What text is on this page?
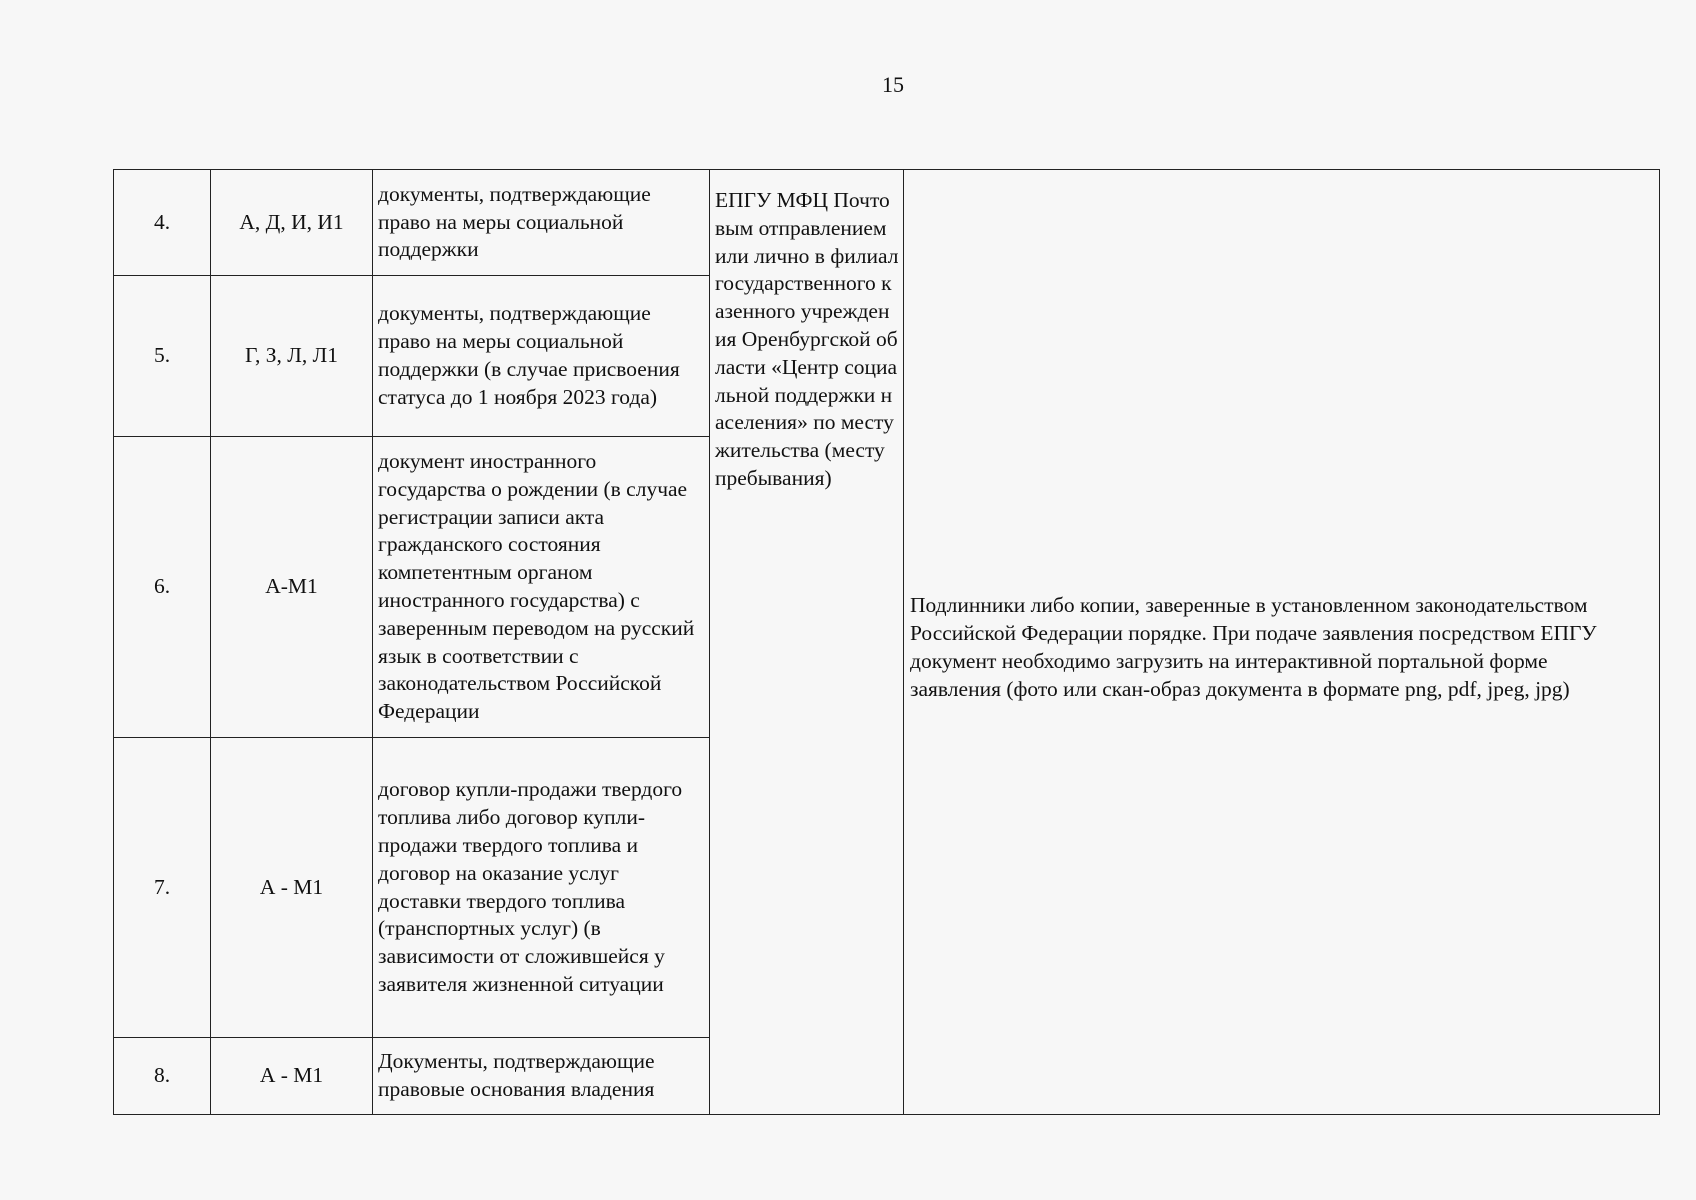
15
4.	А, Д, И, И1	документы, подтверждающие право на меры социальной поддержки	ЕПГУ МФЦ Почтовым отправлением или лично в филиал государственного казенного учреждения Оренбургской области «Центр социальной поддержки населения» по месту жительства (месту пребывания)	Подлинники либо копии, заверенные в установленном законодательством Российской Федерации порядке. При подаче заявления посредством ЕПГУ документ необходимо загрузить на интерактивной портальной форме заявления (фото или скан-образ документа в формате png, pdf, jpeg, jpg)
5.	Г, З, Л, Л1	документы, подтверждающие право на меры социальной поддержки (в случае присвоения статуса до 1 ноября 2023 года)		
6.	А-М1	документ иностранного государства о рождении (в случае регистрации записи акта гражданского состояния компетентным органом иностранного государства) с заверенным переводом на русский язык в соответствии с законодательством Российской Федерации		
7.	А - М1	договор купли-продажи твердого топлива либо договор купли-продажи твердого топлива и договор на оказание услуг доставки твердого топлива (транспортных услуг) (в зависимости от сложившейся у заявителя жизненной ситуации		
8.	А - М1	Документы, подтверждающие правовые основания владения		
